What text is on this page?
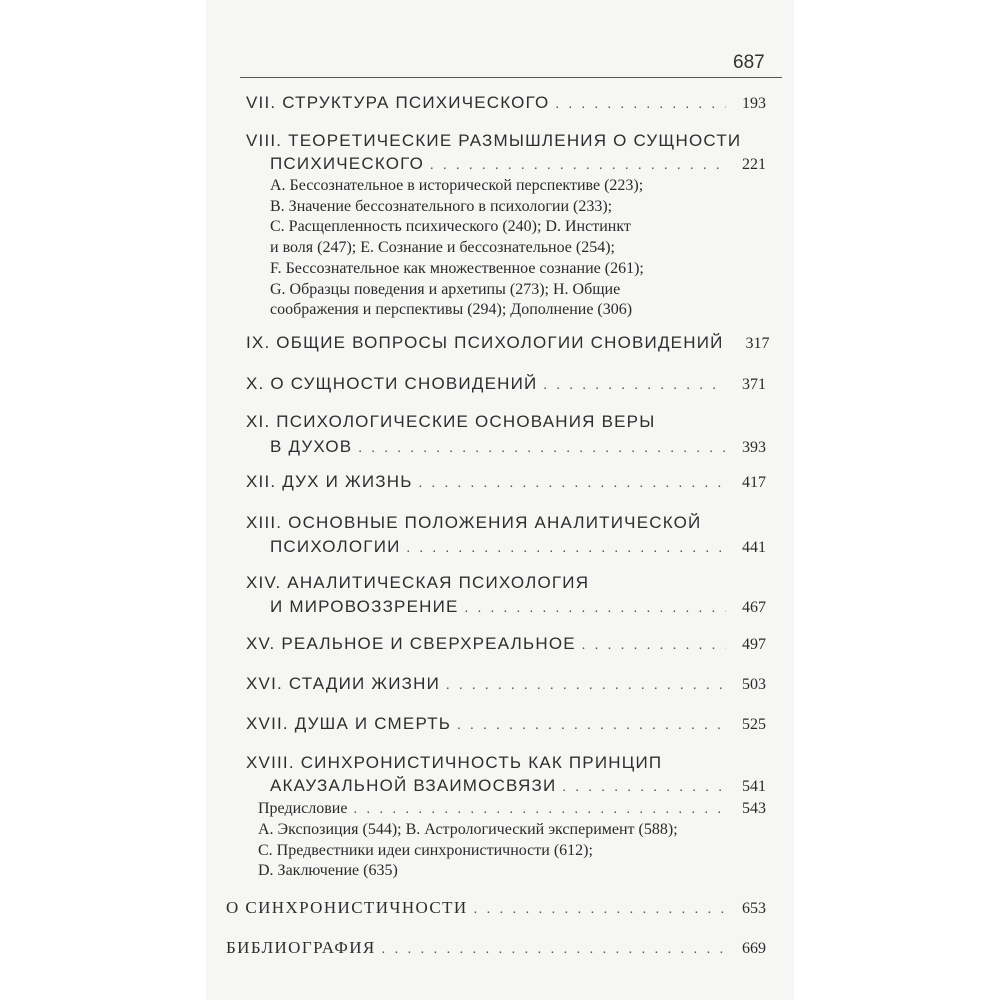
687
VII. СТРУКТУРА ПСИХИЧЕСКОГО . . .	193
VIII. ТЕОРЕТИЧЕСКИЕ РАЗМЫШЛЕНИЯ О СУЩНОСТИ
ПСИХИЧЕСКОГО . . .	221
A. Бессознательное в исторической перспективе (223);
B. Значение бессознательного в психологии (233);
C. Расщепленность психического (240); D. Инстинкт
и воля (247); E. Сознание и бессознательное (254);
F. Бессознательное как множественное сознание (261);
G. Образцы поведения и архетипы (273); H. Общие
соображения и перспективы (294); Дополнение (306)
IX. ОБЩИЕ ВОПРОСЫ ПСИХОЛОГИИ СНОВИДЕНИЙ	317
X. О СУЩНОСТИ СНОВИДЕНИЙ . . .	371
XI. ПСИХОЛОГИЧЕСКИЕ ОСНОВАНИЯ ВЕРЫ
В ДУХОВ . . .	393
XII. ДУХ И ЖИЗНЬ . . .	417
XIII. ОСНОВНЫЕ ПОЛОЖЕНИЯ АНАЛИТИЧЕСКОЙ
ПСИХОЛОГИИ . . .	441
XIV. АНАЛИТИЧЕСКАЯ ПСИХОЛОГИЯ
И МИРОВОЗЗРЕНИЕ . . .	467
XV. РЕАЛЬНОЕ И СВЕРХРЕАЛЬНОЕ . . .	497
XVI. СТАДИИ ЖИЗНИ . . .	503
XVII. ДУША И СМЕРТЬ . . .	525
XVIII. СИНХРОНИСТИЧНОСТЬ КАК ПРИНЦИП
АКАУЗАЛЬНОЙ ВЗАИМОСВЯЗИ . . .	541
Предисловие . . .	543
A. Экспозиция (544); B. Астрологический эксперимент (588);
C. Предвестники идеи синхронистичности (612);
D. Заключение (635)
О СИНХРОНИСТИЧНОСТИ . . .	653
БИБЛИОГРАФИЯ . . .	669
